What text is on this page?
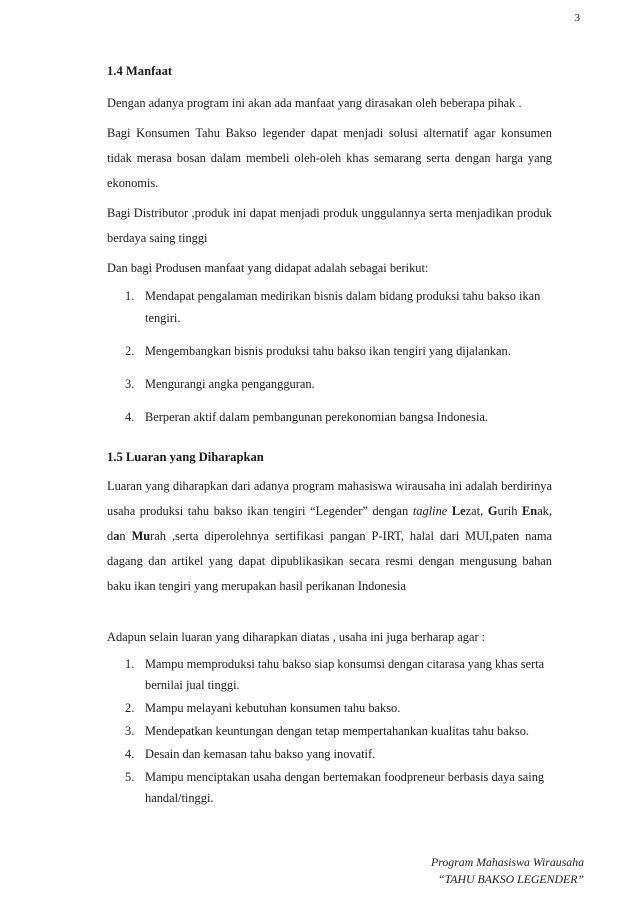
3
1.4 Manfaat

Dengan adanya program ini akan ada manfaat yang dirasakan oleh beberapa pihak .

Bagi Konsumen Tahu Bakso legender dapat menjadi solusi alternatif agar konsumen tidak merasa bosan dalam membeli oleh-oleh khas semarang serta dengan harga yang ekonomis.

Bagi Distributor ,produk ini dapat menjadi produk unggulannya serta menjadikan produk berdaya saing tinggi

Dan bagi Produsen manfaat yang didapat adalah sebagai berikut:

1. Mendapat pengalaman medirikan bisnis dalam bidang produksi tahu bakso ikan tengiri.
2. Mengembangkan bisnis produksi tahu bakso ikan tengiri yang dijalankan.
3. Mengurangi angka pengangguran.
4. Berperan aktif dalam pembangunan perekonomian bangsa Indonesia.
1.5 Luaran yang Diharapkan

Luaran yang diharapkan dari adanya program mahasiswa wirausaha ini adalah berdirinya usaha produksi tahu bakso ikan tengiri “Legender” dengan tagline Lezat, Gurih Enak, dan Murah ,serta diperolehnya sertifikasi pangan P-IRT, halal dari MUI,paten nama dagang dan artikel yang dapat dipublikasikan secara resmi dengan mengusung bahan baku ikan tengiri yang merupakan hasil perikanan Indonesia

Adapun selain luaran yang diharapkan diatas , usaha ini juga berharap agar :

1. Mampu memproduksi tahu bakso siap konsumsi dengan citarasa yang khas serta bernilai jual tinggi.
2. Mampu melayani kebutuhan konsumen tahu bakso.
3. Mendepatkan keuntungan dengan tetap mempertahankan kualitas tahu bakso.
4. Desain dan kemasan tahu bakso yang inovatif.
5. Mampu menciptakan usaha dengan bertemakan foodpreneur berbasis daya saing handal/tinggi.
Program Mahasiswa Wirausaha
“TAHU BAKSO LEGENDER”
